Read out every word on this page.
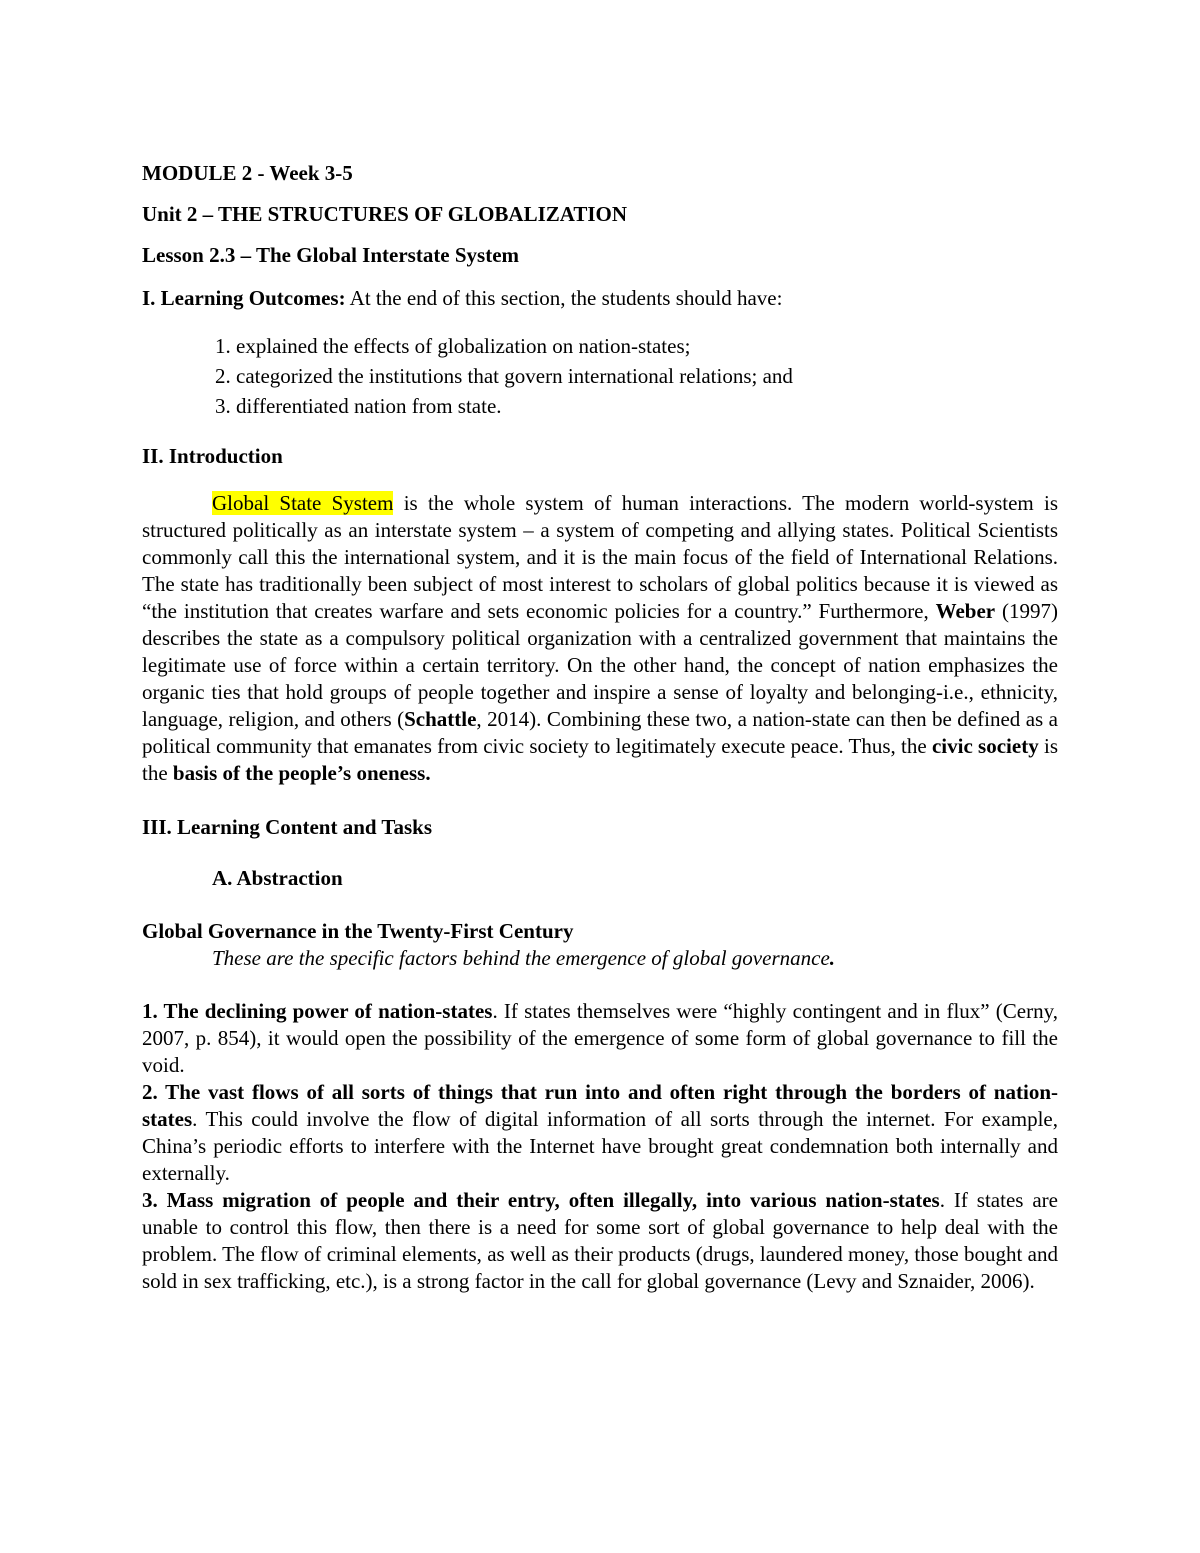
MODULE 2 - Week 3-5
Unit 2 – THE STRUCTURES OF GLOBALIZATION
Lesson 2.3 – The Global Interstate System
I. Learning Outcomes: At the end of this section, the students should have:
1. explained the effects of globalization on nation-states;
2. categorized the institutions that govern international relations; and
3. differentiated nation from state.
II. Introduction

Global State System is the whole system of human interactions. The modern world-system is structured politically as an interstate system – a system of competing and allying states. Political Scientists commonly call this the international system, and it is the main focus of the field of International Relations. The state has traditionally been subject of most interest to scholars of global politics because it is viewed as “the institution that creates warfare and sets economic policies for a country.” Furthermore, Weber (1997) describes the state as a compulsory political organization with a centralized government that maintains the legitimate use of force within a certain territory. On the other hand, the concept of nation emphasizes the organic ties that hold groups of people together and inspire a sense of loyalty and belonging-i.e., ethnicity, language, religion, and others (Schattle, 2014). Combining these two, a nation-state can then be defined as a political community that emanates from civic society to legitimately execute peace. Thus, the civic society is the basis of the people’s oneness.

III. Learning Content and Tasks
A. Abstraction
Global Governance in the Twenty-First Century
These are the specific factors behind the emergence of global governance.

1. The declining power of nation-states. If states themselves were “highly contingent and in flux” (Cerny, 2007, p. 854), it would open the possibility of the emergence of some form of global governance to fill the void.

2. The vast flows of all sorts of things that run into and often right through the borders of nation-states. This could involve the flow of digital information of all sorts through the internet. For example, China’s periodic efforts to interfere with the Internet have brought great condemnation both internally and externally.

3. Mass migration of people and their entry, often illegally, into various nation-states. If states are unable to control this flow, then there is a need for some sort of global governance to help deal with the problem. The flow of criminal elements, as well as their products (drugs, laundered money, those bought and sold in sex trafficking, etc.), is a strong factor in the call for global governance (Levy and Sznaider, 2006).
